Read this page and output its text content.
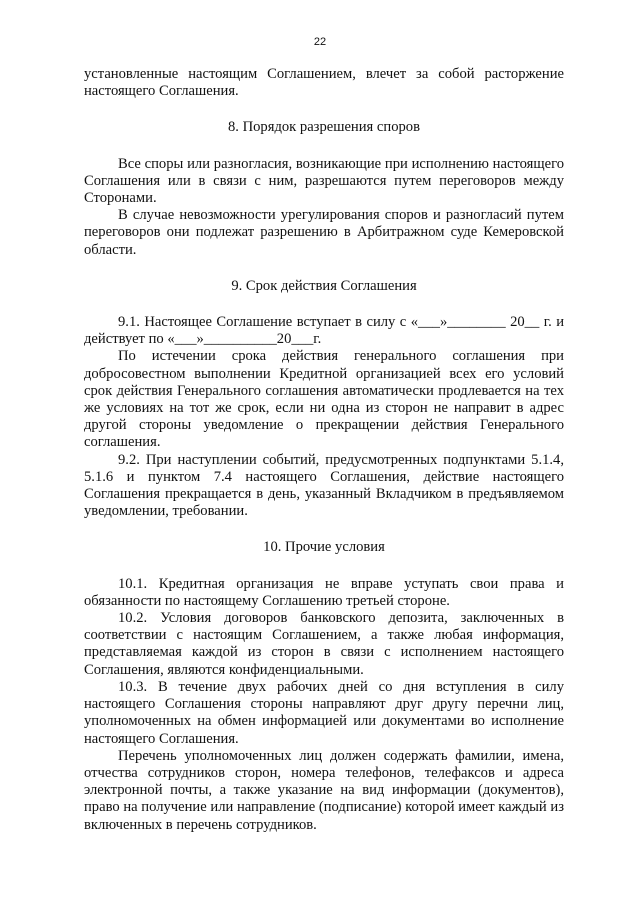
22

установленные настоящим Соглашением, влечет за собой расторжение настоящего Соглашения.

8. Порядок разрешения споров

Все споры или разногласия, возникающие при исполнению настоящего Соглашения или в связи с ним, разрешаются путем переговоров между Сторонами.

В случае невозможности урегулирования споров и разногласий путем переговоров они подлежат разрешению в Арбитражном суде Кемеровской области.

9. Срок действия Соглашения

9.1. Настоящее Соглашение вступает в силу с «___»________ 20__ г. и действует по «___»__________20___г.

По истечении срока действия генерального соглашения при добросовестном выполнении Кредитной организацией всех его условий срок действия Генерального соглашения автоматически продлевается на тех же условиях на тот же срок, если ни одна из сторон не направит в адрес другой стороны уведомление о прекращении действия Генерального соглашения.

9.2. При наступлении событий, предусмотренных подпунктами 5.1.4, 5.1.6 и пунктом 7.4 настоящего Соглашения, действие настоящего Соглашения прекращается в день, указанный Вкладчиком в предъявляемом уведомлении, требовании.

10. Прочие условия

10.1. Кредитная организация не вправе уступать свои права и обязанности по настоящему Соглашению третьей стороне.

10.2. Условия договоров банковского депозита, заключенных в соответствии с настоящим Соглашением, а также любая информация, представляемая каждой из сторон в связи с исполнением настоящего Соглашения, являются конфиденциальными.

10.3. В течение двух рабочих дней со дня вступления в силу настоящего Соглашения стороны направляют друг другу перечни лиц, уполномоченных на обмен информацией или документами во исполнение настоящего Соглашения.

Перечень уполномоченных лиц должен содержать фамилии, имена, отчества сотрудников сторон, номера телефонов, телефаксов и адреса электронной почты, а также указание на вид информации (документов), право на получение или направление (подписание) которой имеет каждый из включенных в перечень сотрудников.
